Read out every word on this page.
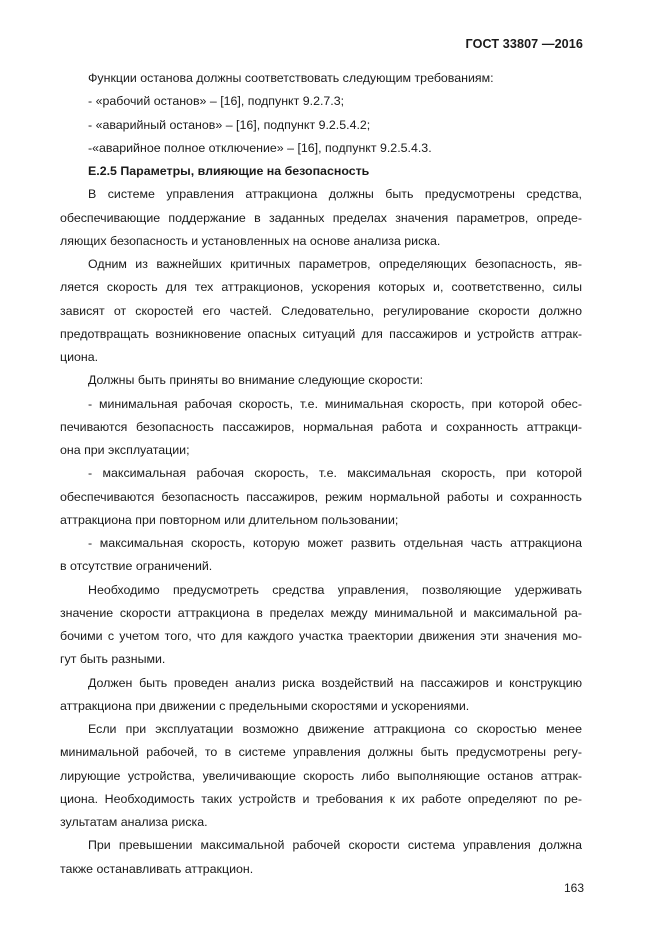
ГОСТ 33807 —2016
Функции останова должны соответствовать следующим требованиям:
- «рабочий останов» – [16], подпункт 9.2.7.3;
- «аварийный останов» – [16], подпункт 9.2.5.4.2;
-«аварийное полное отключение» – [16], подпункт 9.2.5.4.3.
Е.2.5 Параметры, влияющие на безопасность
В системе управления аттракциона должны быть предусмотрены средства,
обеспечивающие поддержание в заданных пределах значения параметров, опреде-
ляющих безопасность и установленных на основе анализа риска.
Одним из важнейших критичных параметров, определяющих безопасность, яв-
ляется скорость для тех аттракционов, ускорения которых и, соответственно, силы
зависят от скоростей его частей. Следовательно, регулирование скорости должно
предотвращать возникновение опасных ситуаций для пассажиров и устройств аттрак-
циона.
Должны быть приняты во внимание следующие скорости:
- минимальная рабочая скорость, т.е. минимальная скорость, при которой обес-
печиваются безопасность пассажиров, нормальная работа и сохранность аттракци-
она при эксплуатации;
- максимальная рабочая скорость, т.е. максимальная скорость, при которой
обеспечиваются безопасность пассажиров, режим нормальной работы и сохранность
аттракциона при повторном или длительном пользовании;
- максимальная скорость, которую может развить отдельная часть аттракциона
в отсутствие ограничений.
Необходимо предусмотреть средства управления, позволяющие удерживать
значение скорости аттракциона в пределах между минимальной и максимальной ра-
бочими с учетом того, что для каждого участка траектории движения эти значения мо-
гут быть разными.
Должен быть проведен анализ риска воздействий на пассажиров и конструкцию
аттракциона при движении с предельными скоростями и ускорениями.
Если при эксплуатации возможно движение аттракциона со скоростью менее
минимальной рабочей, то в системе управления должны быть предусмотрены регу-
лирующие устройства, увеличивающие скорость либо выполняющие останов аттрак-
циона. Необходимость таких устройств и требования к их работе определяют по ре-
зультатам анализа риска.
При превышении максимальной рабочей скорости система управления должна
также останавливать аттракцион.
163
